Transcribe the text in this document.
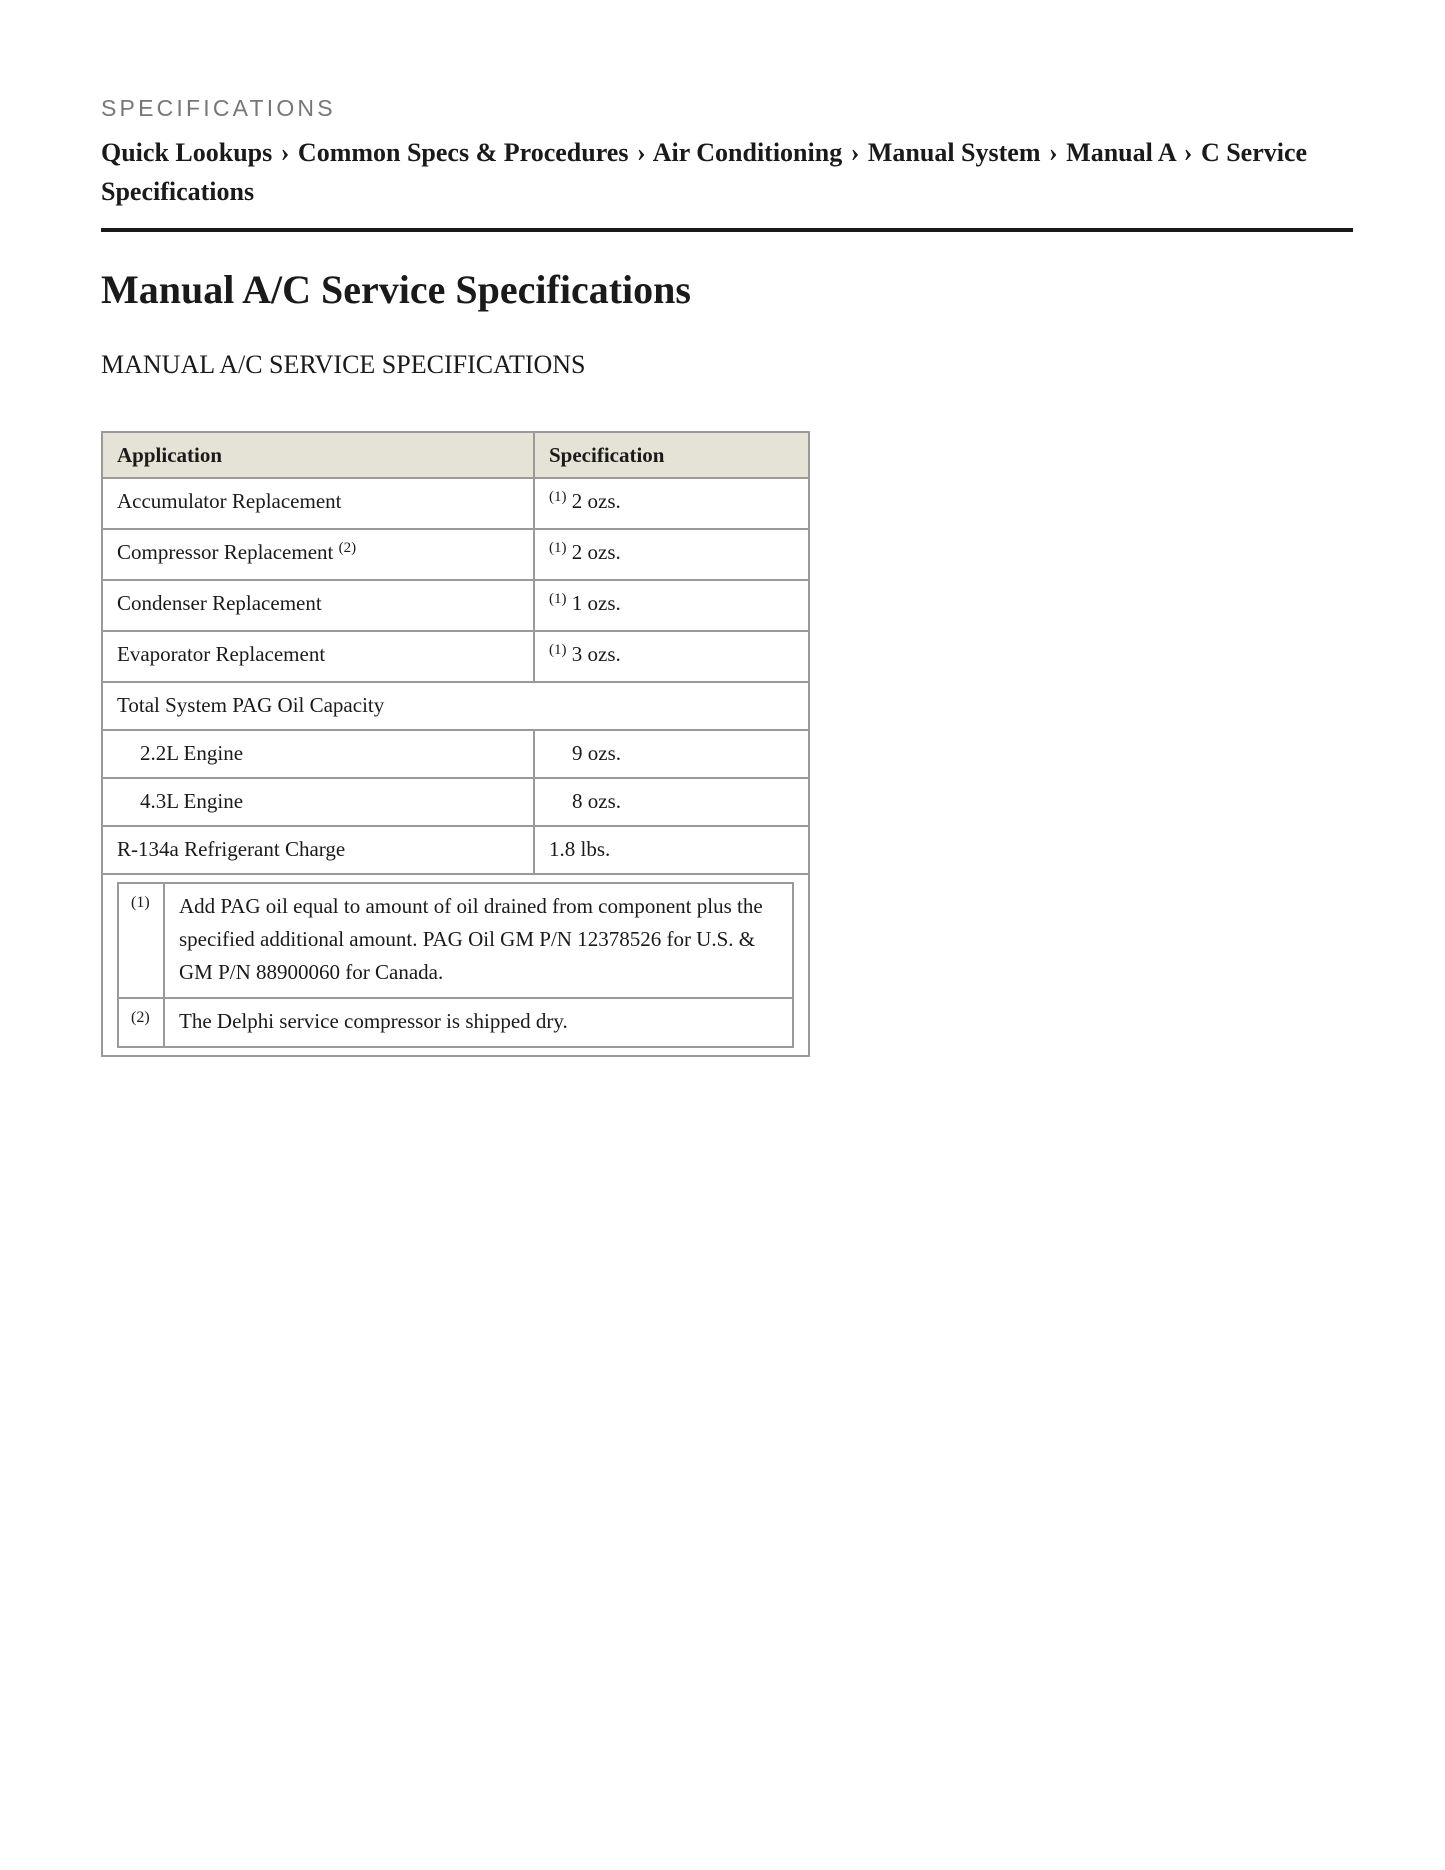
SPECIFICATIONS
Quick Lookups › Common Specs & Procedures › Air Conditioning › Manual System › Manual A › C Service Specifications
Manual A/C Service Specifications
MANUAL A/C SERVICE SPECIFICATIONS
Application	Specification
Accumulator Replacement	$^{(1)}$ 2 ozs.
Compressor Replacement $^{(2)}$	$^{(1)}$ 2 ozs.
Condenser Replacement	$^{(1)}$ 1 ozs.
Evaporator Replacement	$^{(1)}$ 3 ozs.
Total System PAG Oil Capacity
2.2L Engine	9 ozs.
4.3L Engine	8 ozs.
R-134a Refrigerant Charge	1.8 lbs.

(1)	Add PAG oil equal to amount of oil drained from component plus the specified additional amount. PAG Oil GM P/N 12378526 for U.S. & GM P/N 88900060 for Canada.
(2)	The Delphi service compressor is shipped dry.
